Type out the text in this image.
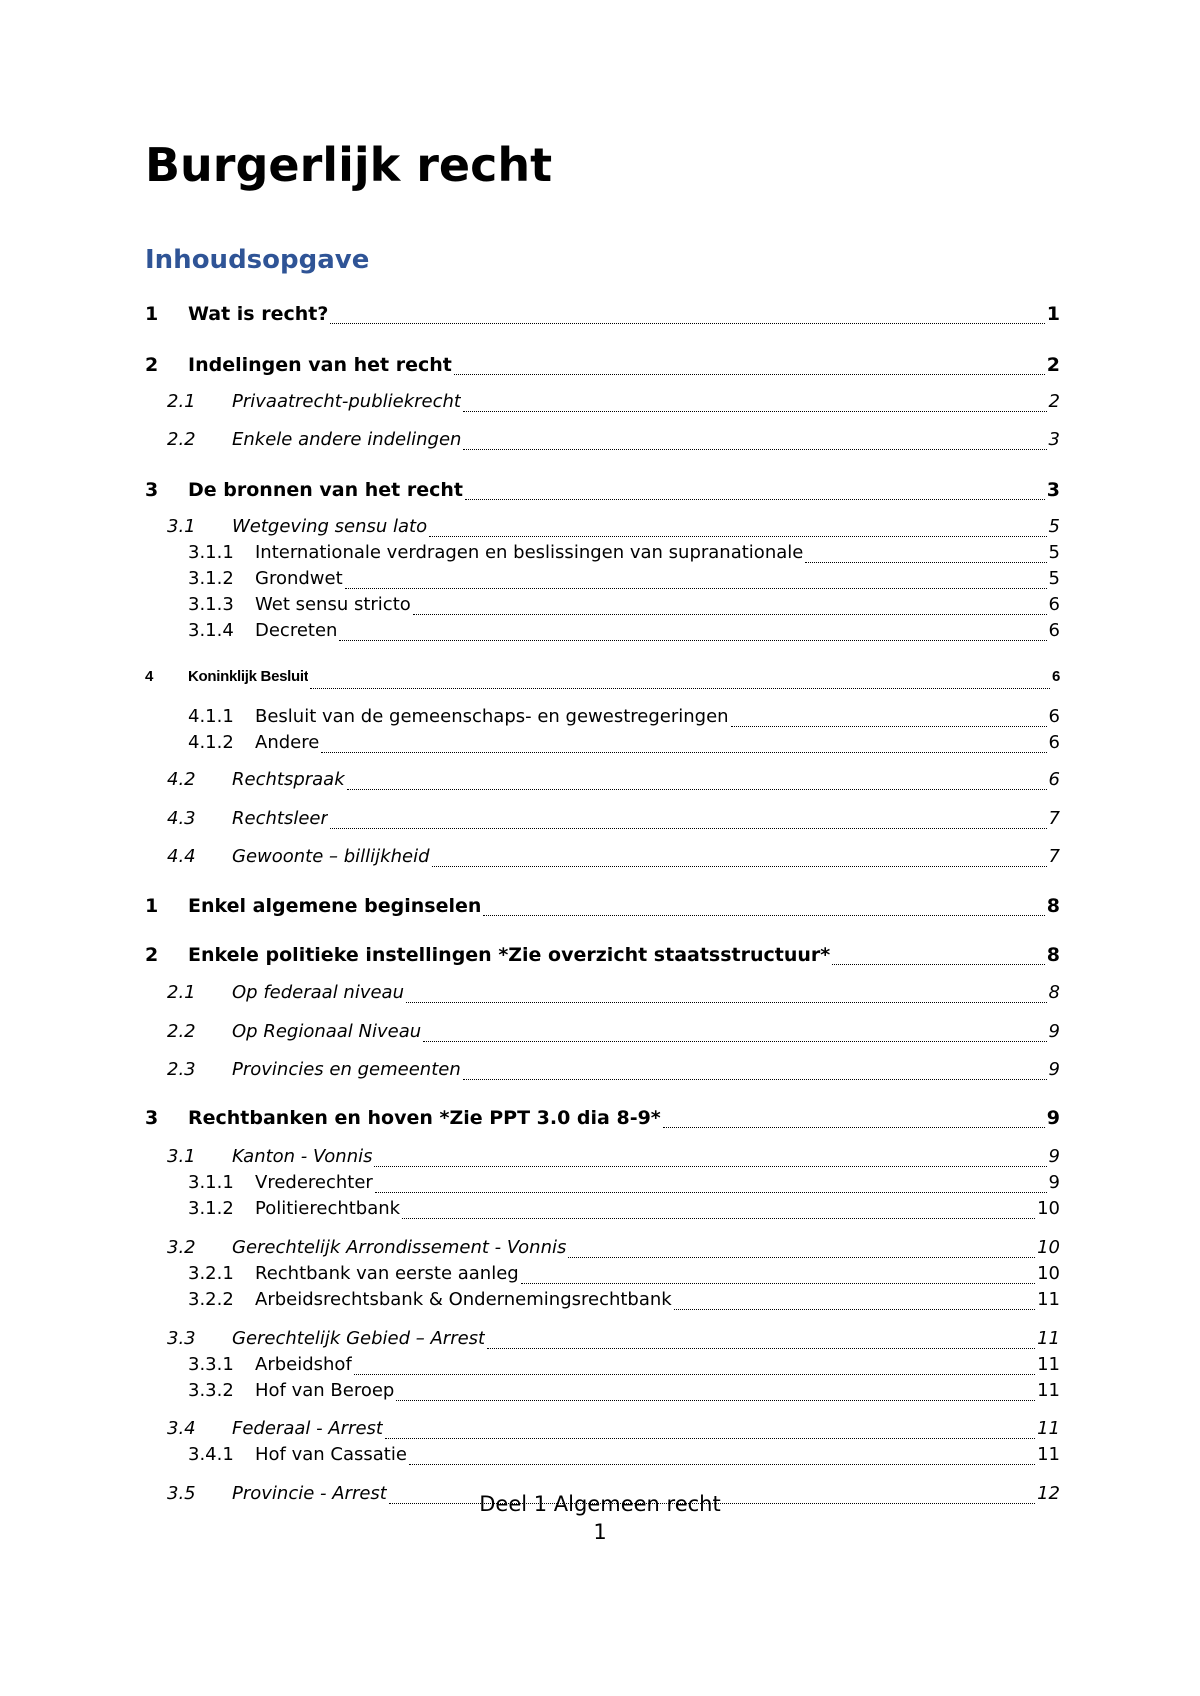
Burgerlijk recht
Inhoudsopgave
1	Wat is recht?	1
2	Indelingen van het recht	2
2.1	Privaatrecht-publiekrecht	2
2.2	Enkele andere indelingen	3
3	De bronnen van het recht	3
3.1	Wetgeving sensu lato	5
3.1.1	Internationale verdragen en beslissingen van supranationale	5
3.1.2	Grondwet	5
3.1.3	Wet sensu stricto	6
3.1.4	Decreten	6
4	Koninklijk Besluit	6
4.1.1	Besluit van de gemeenschaps- en gewestregeringen	6
4.1.2	Andere	6
4.2	Rechtspraak	6
4.3	Rechtsleer	7
4.4	Gewoonte – billijkheid	7
1	Enkel algemene beginselen	8
2	Enkele politieke instellingen *Zie overzicht staatsstructuur*	8
2.1	Op federaal niveau	8
2.2	Op Regionaal Niveau	9
2.3	Provincies en gemeenten	9
3	Rechtbanken en hoven *Zie PPT 3.0 dia 8-9*	9
3.1	Kanton - Vonnis	9
3.1.1	Vrederechter	9
3.1.2	Politierechtbank	10
3.2	Gerechtelijk Arrondissement - Vonnis	10
3.2.1	Rechtbank van eerste aanleg	10
3.2.2	Arbeidsrechtsbank & Ondernemingsrechtbank	11
3.3	Gerechtelijk Gebied – Arrest	11
3.3.1	Arbeidshof	11
3.3.2	Hof van Beroep	11
3.4	Federaal - Arrest	11
3.4.1	Hof van Cassatie	11
3.5	Provincie - Arrest	12
Deel 1 Algemeen recht
1
